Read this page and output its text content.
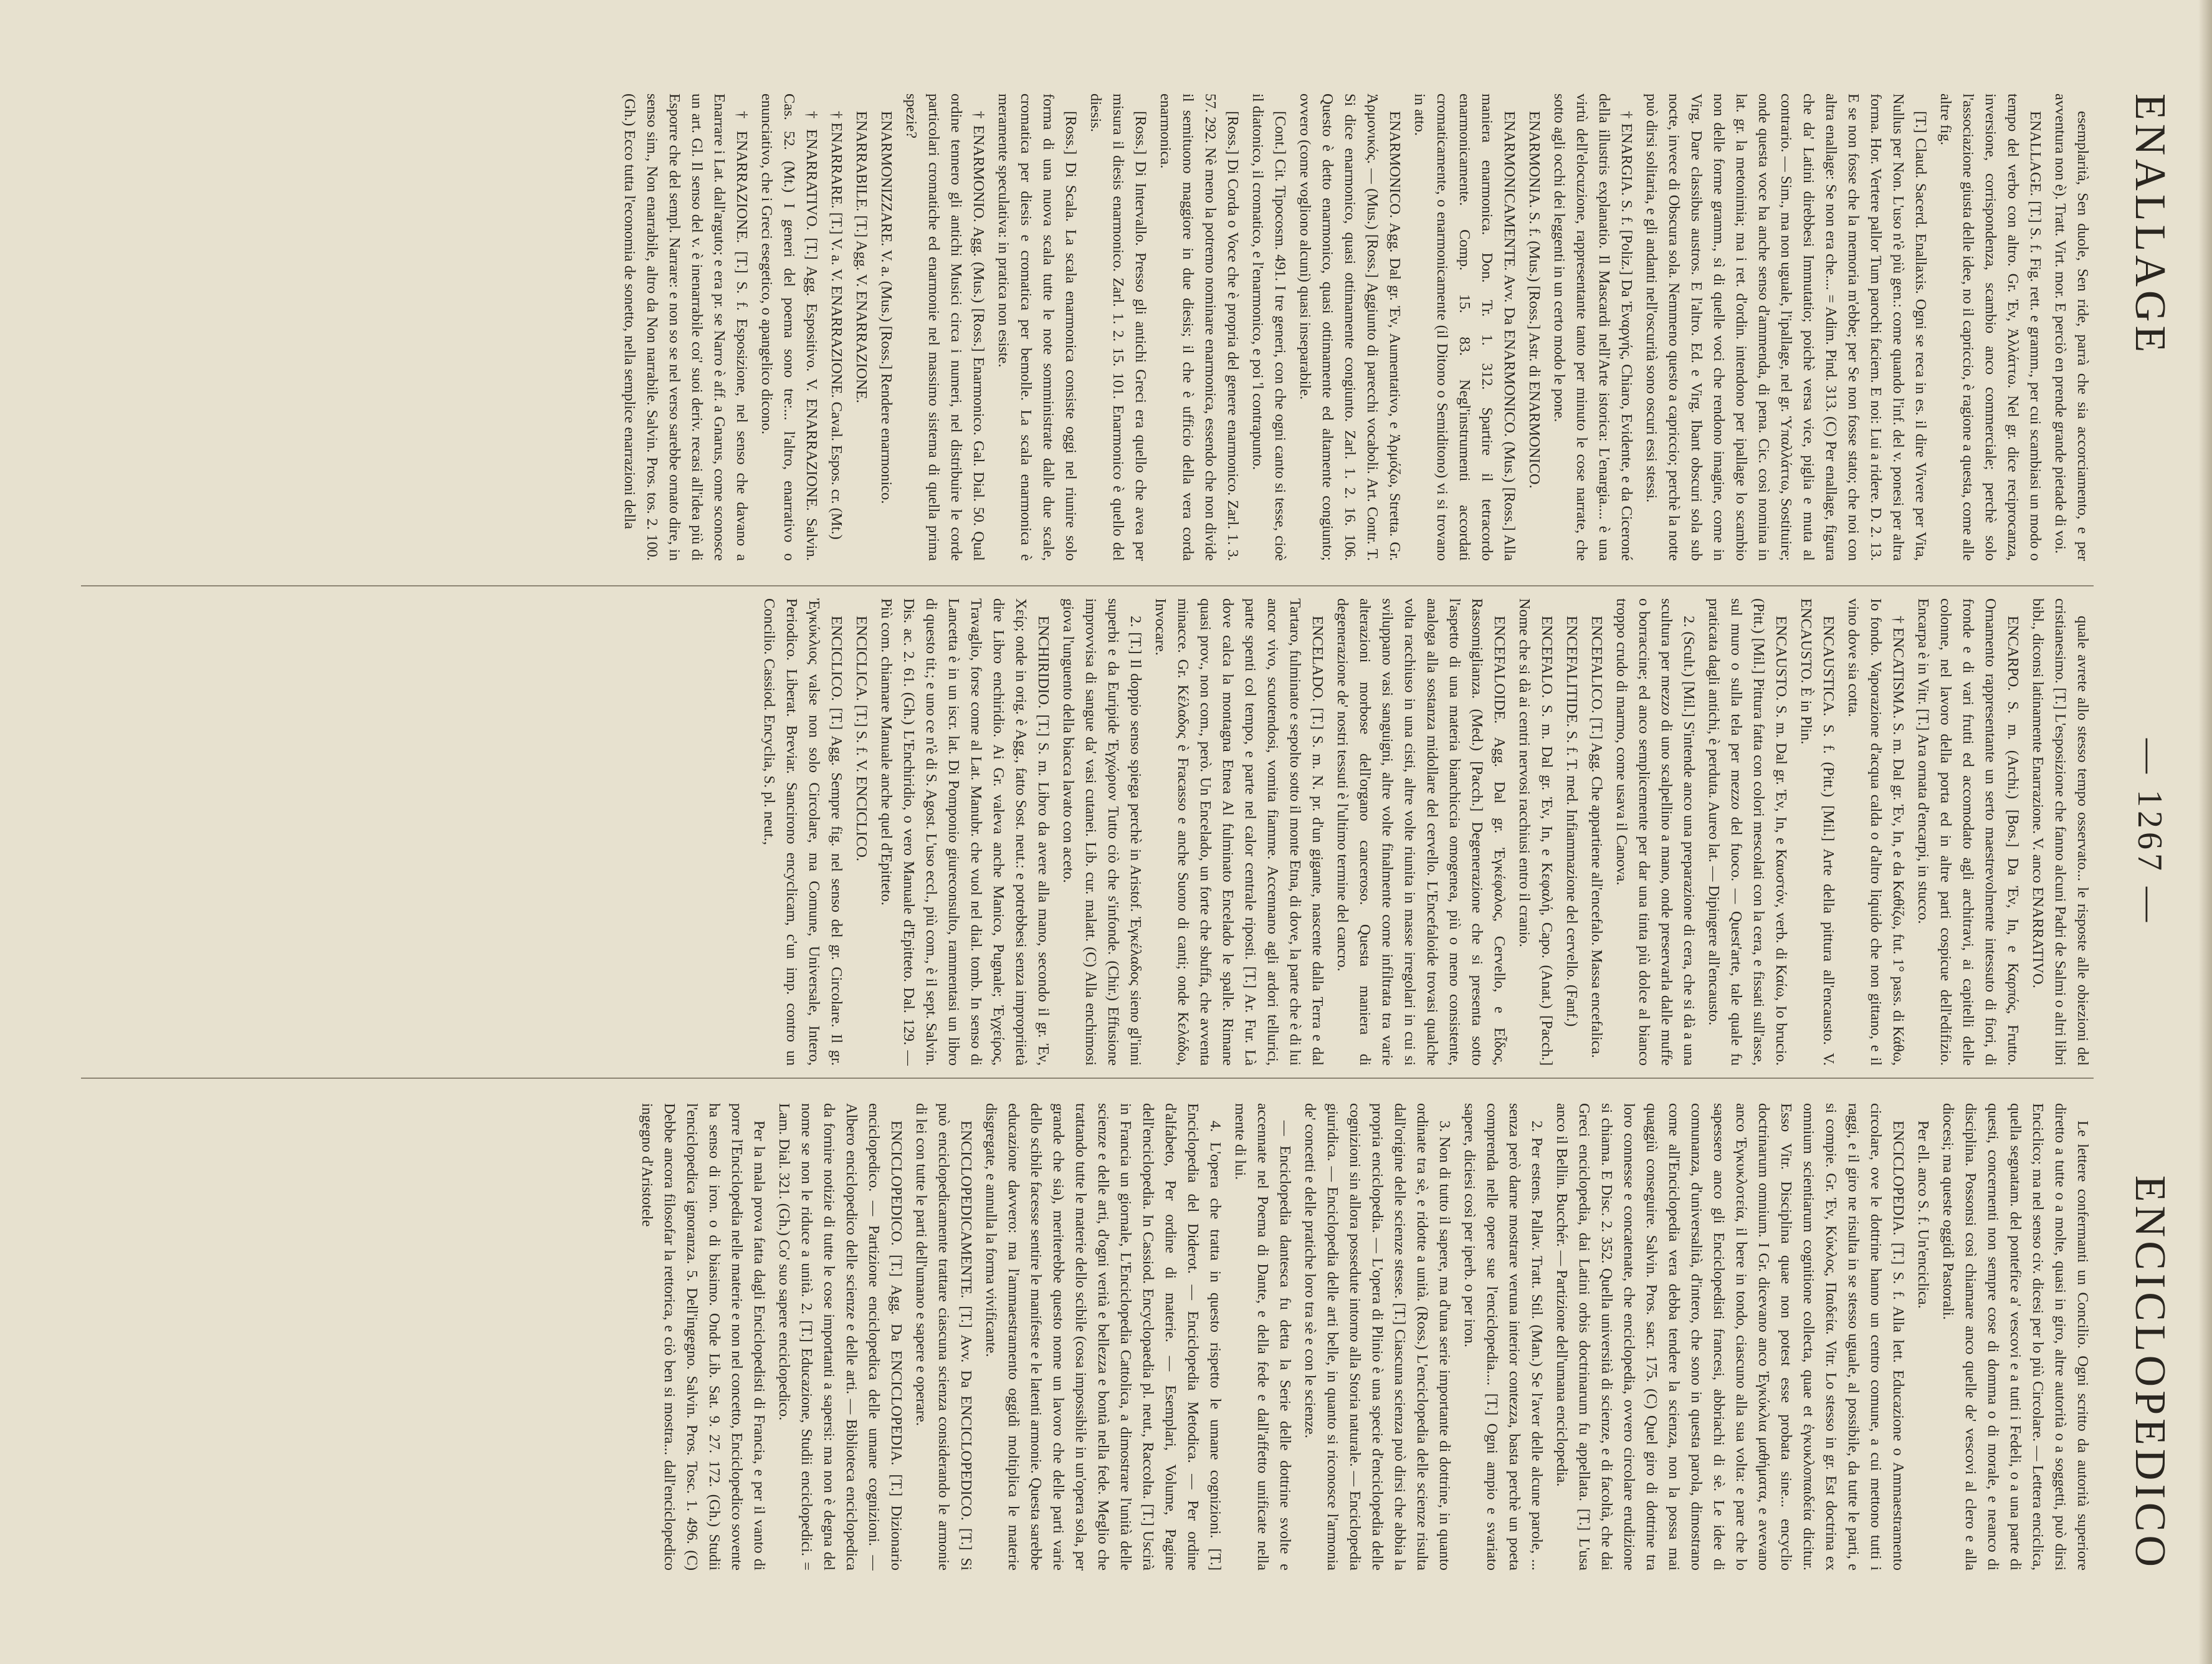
ENALLAGE
— 1267 —
ENCICLOPEDICO

esemplarità, Sen duole, Sen ride, parrà che sia accorciamento, e per avventura non è). Tratt. Virt. mor. E perciò en prende grande pietade di voi.

ENALLAGE. [T.] S. f. Fig. rett. e gramm., per cui scambiasi un modo o tempo del verbo con altro. Gr. Ἐν, Ἀλλάττω. Nel gr. dice reciprocanza, inversione, corrispondenza, scambio anco commerciale; perchè solo l'associazione giusta delle idee, no il capriccio, è ragione a questa, come alle altre fig.

[T.] Claud. Sacerd. Enallaxis. Ogni se reca in es. il dire Vivere per Vita, Nullus per Non. L'uso n'è più gen.: come quando l'inf. del v. ponesi per altra forma. Hor. Vertere pallor Tum parochi faciem. E noi: Lui a ridere. D. 2. 13. E se non fosse che la memoria m'ebbe; per Se non fosse stato; che noi con altra enallage: Se non era che.... = Adim. Pind. 313. (C) Per enallage, figura che da' Latini direbbesi Immutatio; poichè versa vice, piglia e muta al contrario. — Sim., ma non uguale, l'ipallage, nel gr. Ὑπαλλάττω, Sostituire; onde questa voce ha anche senso d'ammenda, di pena. Cic. così nomina in lat. gr. la metonimia; ma i ret. d'ordin. intendono per ipallage lo scambio non delle forme gramm., sì di quelle voci che rendono imagine, come in Virg. Dare classibus austros. E l'altro. Ed. e Virg. Ibant obscuri sola sub nocte, invece di Obscura sola. Nemmeno questo a capriccio; perchè la notte può dirsi solitaria, e gli andanti nell'oscurità sono oscuri essi stessi.

† ENARGIA. S. f. [Poliz.] Da Ἐναργής, Chiaro, Evidente, e da Ciceroné della illustris explanatio. Il Mascardi nell'Arte istorica: L'enargia.... è una virtù dell'elocuzione, rappresentante tanto per minuto le cose narrate, che sotto agli occhi dei leggenti in un certo modo le pone.

ENARMONIA. S. f. (Mus.) [Ross.] Astr. di ENARMONICO.

ENARMONICAMENTE. Avv. Da ENARMONICO. (Mus.) [Ross.] Alla maniera enarmonica. Don. Tr. 1. 312. Spartire il tetracordo enarmonicamente. Comp. 15. 83. Negl'instrumenti accordati cromaticamente, o enarmonicamente (il Ditono o Semiditono) vi si trovano in atto.

ENARMONICO. Agg. Dal gr. Ἐν, Aumentativo, e Ἁρμόζω, Stretta. Gr. Ἁρμονικός. — (Mus.) [Ross.] Aggiunto di parecchi vocaboli. Art. Contr. T. Si dice enarmonico, quasi ottimamente congiunto. Zarl. 1. 2. 16. 106. Questo è detto enarmonico, quasi ottimamente ed altamente congiunto; ovvero (come vogliono alcuni) quasi inseparabile.

[Cont.] Cit. Tipocosm. 491. I tre generi, con che ogni canto si tesse, cioè il diatonico, il cromatico, e l'enarmonico, e poi 'l contrapunto.

[Ross.] Di Corda o Voce che è propria del genere enarmonico. Zarl. 1. 3. 57. 292. Nè meno la potremo nominare enarmonica, essendo che non divide il semituono maggiore in due diesis; il che è ufficio della vera corda enarmonica.

[Ross.] Di Intervallo. Presso gli antichi Greci era quello che avea per misura il diesis enarmonico. Zarl. 1. 2. 15. 101. Enarmonico è quello del diesis.

[Ross.] Di Scala. La scala enarmonica consiste oggi nel riunire solo forma di una nuova scala tutte le note somministrate dalle due scale, cromatica per diesis e cromatica per bemolle. La scala enarmonica è meramente speculativa: in pratica non esiste.

† ENARMONIO. Agg. (Mus.) [Ross.] Enarmonico. Gal. Dial. 50. Qual ordine tennero gli antichi Musici circa i numeri, nel distribuire le corde particolari cromatiche ed enarmonie nel massimo sistema di quella prima spezie?

ENARMONIZZARE. V. a. (Mus.) [Ross.] Rendere enarmonico.

ENARRABILE. [T.] Agg. V. ENARRAZIONE.

† ENARRARE. [T.] V. a. V. ENARRAZIONE. Caval. Espos. cr. (Mt.)

† ENARRATIVO. [T.] Agg. Espositivo. V. ENARRAZIONE. Salvin. Cas. 52. (Mt.) I generi del poema sono tre:... l'altro, enarrativo o enunciativo, che i Greci esegetico, o apangelico dicono.

† ENARRAZIONE. [T.] S. f. Esposizione, nel senso che davano a Enarrare i Lat. dall'arguto; e era pr. se Narro è aff. a Gnarus, come sconosce un art. Gl. Il senso del v. è inenarrabile coi' suoi deriv. recasi all'idea più di Esporre che del sempl. Narrare: e non so se nel verso sarebbe ornato dire, in senso sim., Non enarrabile, altro da Non narrabile. Salvin. Pros. tos. 2. 100. (Gh.) Ecco tutta l'economia de sonetto, nella semplice enarrazioni della

quale avrete allo stesso tempo osservato... le risposte alle obiezioni del cristianesimo. [T.] L'esposizione che fanno alcuni Padri de Salmi o altri libri bibl., diconsi latinamente Enarrazione. V. anco ENARRATIVO.

ENCARPO. S. m. (Archi.) [Bos.] Da Ἐν, In, e Καρπός, Frutto. Ornamento rappresentante un serto maestrevolmente intessuto di fiori, di fronde e di vari frutti ed accomodato agli architravi, ai capitelli delle colonne, nel lavoro della porta ed in altre parti cospicue dell'edifizio. Encarpa è in Vitr. [T.] Ara ornata d'encarpi, in stucco.

† ENCATISMA. S. m. Dal gr. Ἐν, In, e da Καθίζω, fut. 1° pass. di Κάθω, Io fondo. Vaporazione d'acqua calda o d'altro liquido che non gittano, e il vino dove sia cotta.

ENCAUSTICA. S. f. (Pitt.) [Mil.] Arte della pittura all'encausto. V. ENCAUSTO. È in Plin.

ENCAUSTO. S. m. Dal gr. Ἐν, In, e Καυστόν, verb. di Καίω, Io brucio. (Pitt.) [Mil.] Pittura fatta con colori mescolati con la cera, e fissati sull'asse, sul muro o sulla tela per mezzo del fuoco. — Quest'arte, tale quale fu praticata dagli antichi, è perduta. Aureo lat. — Dipingere all'encausto.

2. (Scult.) [Mil.] S'intende anco una preparazione di cera, che si dà a una scultura per mezzo di uno scalpellino a mano, onde preservarla dalle muffe o borraccine; ed anco semplicemente per dar una tinta più dolce al bianco troppo crudo di marmo, come usava il Canova.

ENCEFALICO. [T.] Agg. Che appartiene all'encefalo. Massa encefalica.

ENCEFALITIDE. S. f. T. med. Infiammazione del cervello. (Fanf.)

ENCEFALO. S. m. Dal gr. Ἐν, In, e Κεφαλή, Capo. (Anat.) [Pacch.] Nome che si dà ai centri nervosi racchiusi entro il cranio.

ENCEFALOIDE. Agg. Dal gr. Ἐγκέφαλος, Cervello, e Εἶδος, Rassomiglianza. (Med.) [Pacch.] Degenerazione che si presenta sotto l'aspetto di una materia bianchiccia omogenea, più o meno consistente, analoga alla sostanza midollare del cervello. L'Encefaloide trovasi qualche volta racchiuso in una cisti, altre volte riunita in masse irregolari in cui si sviluppano vasi sanguigni, altre volte finalmente come infiltrata tra varie alterazioni morbose dell'organo canceroso. Questa maniera di degenerazione de' nostri tessuti è l'ultimo termine del cancro.

ENCELADO. [T.] S. m. N. pr. d'un gigante, nascente dalla Terra e dal Tartaro, fulminato e sepolto sotto il monte Etna, di dove, la parte che è di lui ancor vivo, scuotendosi, vomita fiamme. Accennano agli ardori tellurici, parte spenti col tempo, e parte nel calor centrale riposti. [T.] Ar. Fur. Là dove calca la montagna Etnea Al fulminato Encelado le spalle. Rimane quasi prov., non com., però. Un Encelado, un forte che sbuffa, che avventa minacce. Gr. Κέλαδος è Fracasso e anche Suono di canti; onde Κελάδω, Invocare.

2. [T.] Il doppio senso spiega perchè in Aristof. Ἐγκέλαδος sieno gl'inni superbi e da Euripide Ἐγχώριον Tutto ciò che s'infonde. (Chir.) Effusione improvvisa di sangue da' vasi cutanei. Lib. cur. malatt. (C) Alla enchimosi giova l'unguento della biacca lavato con aceto.

ENCHIRIDIO. [T.] S. m. Libro da avere alla mano, secondo il gr. Ἐν, Χείρ; onde in orig. è Agg., fatto Sost. neut.: e potrebbesi senza impropriietà dire Libro enchiridio. Ai Gr. valeva anche Manico, Pugnale; Ἐγχείρος, Travaglio, forse come al Lat. Manubr. che vuol nel dial. tomb. In senso di Lancetta è in un iscr. lat. Di Pomponio giureconsulto, rammentasi un libro di questo tit.; e uno ce n'è di S. Agost. L'uso eccl., più com., è il sept. Salvin. Dis. ac. 2. 61. (Gh.) L'Enchiridio, o vero Manuale d'Epitteto. Dal. 129. — Più com. chiamare Manuale anche quel d'Epitteto.

ENCICLICA. [T.] S. f. V. ENCICLICO.

ENCICLICO. [T.] Agg. Sempre fig. nel senso del gr. Circolare. Il gr. Ἐγκύκλιος valse non solo Circolare, ma Comune, Universale, Intero, Periodico. Liberat. Breviar. Sancirono encyclicam, c'un imp. contro un Concilio. Cassiod. Encyclia, S. pl. neut.,

Le lettere confermanti un Concilio. Ogni scritto da autorità superiore diretto a tutte o a molte, quasi in giro, altre autorità o a soggetti, può dirsi Enciclico; ma nel senso civ. dicesi per lo più Circolare. — Lettera enciclica, quella segnatam. del pontefice a' vescovi e a tutti i Fedeli, o a una parte di questi, concernenti non sempre cose di domma o di morale, e neanco di disciplina. Possonsi così chiamare anco quelle de' vescovi al clero e alla diocesi; ma queste oggidì Pastorali.

Per ell. anco S. f. Un'enciclica.

ENCICLOPEDIA. [T.] S. f. Alla lett. Educazione o Ammaestramento circolare, ove le dottrine hanno un centro comune, a cui mettono tutti i raggi, e il giro ne risulta in se stesso uguale, al possibile, da tutte le parti, e si compie. Gr. Ἐν, Κύκλος, Παιδεία. Vitr. Lo stesso in gr. Est doctrina ex omnium scientiarum cognitione collecta, quae et ἐγκυκλοπαιδεία dicitur. Esso Vitr. Disciplina quae non potest esse probata sine... encyclio doctrinarum omnium. I Gr. dicevano anco Ἐγκύκλια μαθήματα, e avevano anco Ἐγκυκλοτεία, il bere in tondo, ciascuno alla sua volta: e pare che lo sapessero anco gli Enciclopedisti francesi, abbriachi di sè. Le idee di comunanza, d'universalità, d'intero, che sono in questa parola, dimostrano come all'Enciclopedia vera debba tendere la scienza, non la possa mai quaggiù conseguire. Salvin. Pros. sacr. 175. (C) Quel giro di dottrine tra loro connesse e concatenate, che enciclopedia, ovvero circolare erudizione si chiama. E Disc. 2. 352. Quella università di scienze, e di facoltà, che dai Greci enciclopedia, dai Latini orbis doctrinarum fu appellata. [T.] L'usa anco il Bellin. Bucchér. — Partizione dell'umana enciclopedia.

2. Per estens. Pallav. Tratt. Stil. (Man.) Se l'aver delle alcune parole, ... senza però darne mostrare veruna interior contezza, basta perchè un poeta comprenda nelle opere sue l'enciclopedia.... [T.] Ogni ampio e svariato sapere, diciesi così per iperb. o per iron.

3. Non di tutto il sapere, ma d'una serie importante di dottrine, in quanto ordinate tra sè, e ridotte a unità. (Ross.) L'enciclopedia delle scienze risulta dall'origine delle scienze stesse. [T.] Ciascuna scienza può dirsi che abbia la propria enciclopedia. — L'opera di Plinio è una specie d'enciclopedia delle cognizioni sin allora possedute intorno alla Storia naturale. — Enciclopedia giuridica. — Enciclopedia delle arti belle, in quanto si riconosce l'armonia de' concetti e delle pratiche loro tra sè e con le scienze.

— Enciclopedia dantesca fu detta la Serie delle dottrine svolte e accennate nel Poema di Dante, e della fede e dall'affetto unificate nella mente di lui.

4. L'opera che tratta in questo rispetto le umane cognizioni. [T.] Enciclopedia del Diderot. — Enciclopedia Metodica. — Per ordine d'alfabeto, Per ordine di materie. — Esemplari, Volume, Pagine dell'enciclopedia. In Cassiod. Encyclopaedia pl. neut., Raccolta. [T.] Uscirà in Francia un giornale, L'Enciclopedia Cattolica, a dimostrare l'unità delle scienze e delle arti, d'ogni verità e bellezza e bontà nella fede. Meglio che trattando tutte le materie dello scibile (cosa impossibile in un'opera sola, per grande che sia), meriterebbe questo nome un lavoro che delle parti varie dello scibile facesse sentire le manifeste e le latenti armonie. Questa sarebbe educazione davvero: ma l'ammaestramento oggidì moltiplica le materie disgregate, e annulla la forma vivificante.

ENCICLOPEDICAMENTE. [T.] Avv. Da ENCICLOPEDICO. [T.] Si può enciclopedicamente trattare ciascuna scienza considerando le armonie di lei con tutte le parti dell'umano e sapere e operare.

ENCICLOPEDICO. [T.] Agg. Da ENCICLOPEDIA. [T.] Dizionario enciclopedico. — Partizione enciclopedica delle umane cognizioni. — Albero enciclopedico delle scienze e delle arti. — Biblioteca enciclopedica da fornire notizie di tutte le cose importanti a sapersi: ma non è degna del nome se non le riduce a unità. 2. [T.] Educazione, Studii enciclopedici. = Lam. Dial. 321. (Gh.) Co' suo sapere enciclopedico.

Per la mala prova fatta dagli Enciclopedisti di Francia, e per il vanto di porre l'Enciclopedia nelle materie e non nel concetto, Enciclopedico sovente ha senso di iron. o di biasimo. Onde Lib. Sat. 9. 27. 172. (Gh.) Studii l'enciclopedica ignoranza. 5. Dell'ingegno. Salvin. Pros. Tosc. 1. 496. (C) Debbe ancora filosofar la rettorica, e ciò ben si mostra... dall'enciclopedico ingegno d'Aristotele
